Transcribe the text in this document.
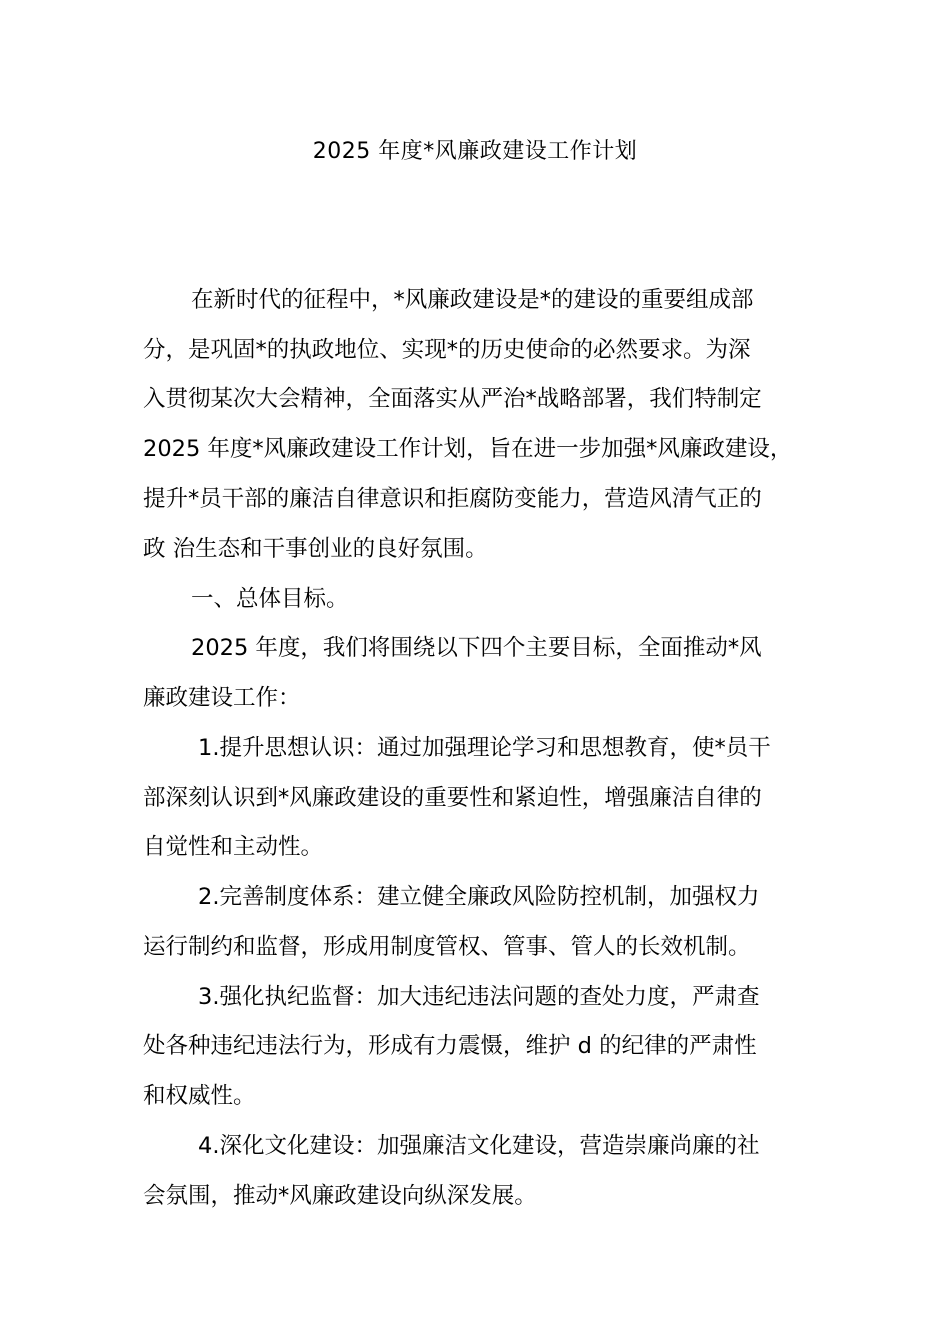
2025 年度*风廉政建设工作计划
在新时代的征程中，*风廉政建设是*的建设的重要组成部
分，是巩固*的执政地位、实现*的历史使命的必然要求。为深
入贯彻某次大会精神，全面落实从严治*战略部署，我们特制定
2025 年度*风廉政建设工作计划，旨在进一步加强*风廉政建设，
提升*员干部的廉洁自律意识和拒腐防变能力，营造风清气正的
政 治生态和干事创业的良好氛围。
一、总体目标。
2025 年度，我们将围绕以下四个主要目标，全面推动*风
廉政建设工作：
1.提升思想认识：通过加强理论学习和思想教育，使*员干
部深刻认识到*风廉政建设的重要性和紧迫性，增强廉洁自律的
自觉性和主动性。
2.完善制度体系：建立健全廉政风险防控机制，加强权力
运行制约和监督，形成用制度管权、管事、管人的长效机制。
3.强化执纪监督：加大违纪违法问题的查处力度，严肃查
处各种违纪违法行为，形成有力震慑，维护 d 的纪律的严肃性
和权威性。
4.深化文化建设：加强廉洁文化建设，营造崇廉尚廉的社
会氛围，推动*风廉政建设向纵深发展。
